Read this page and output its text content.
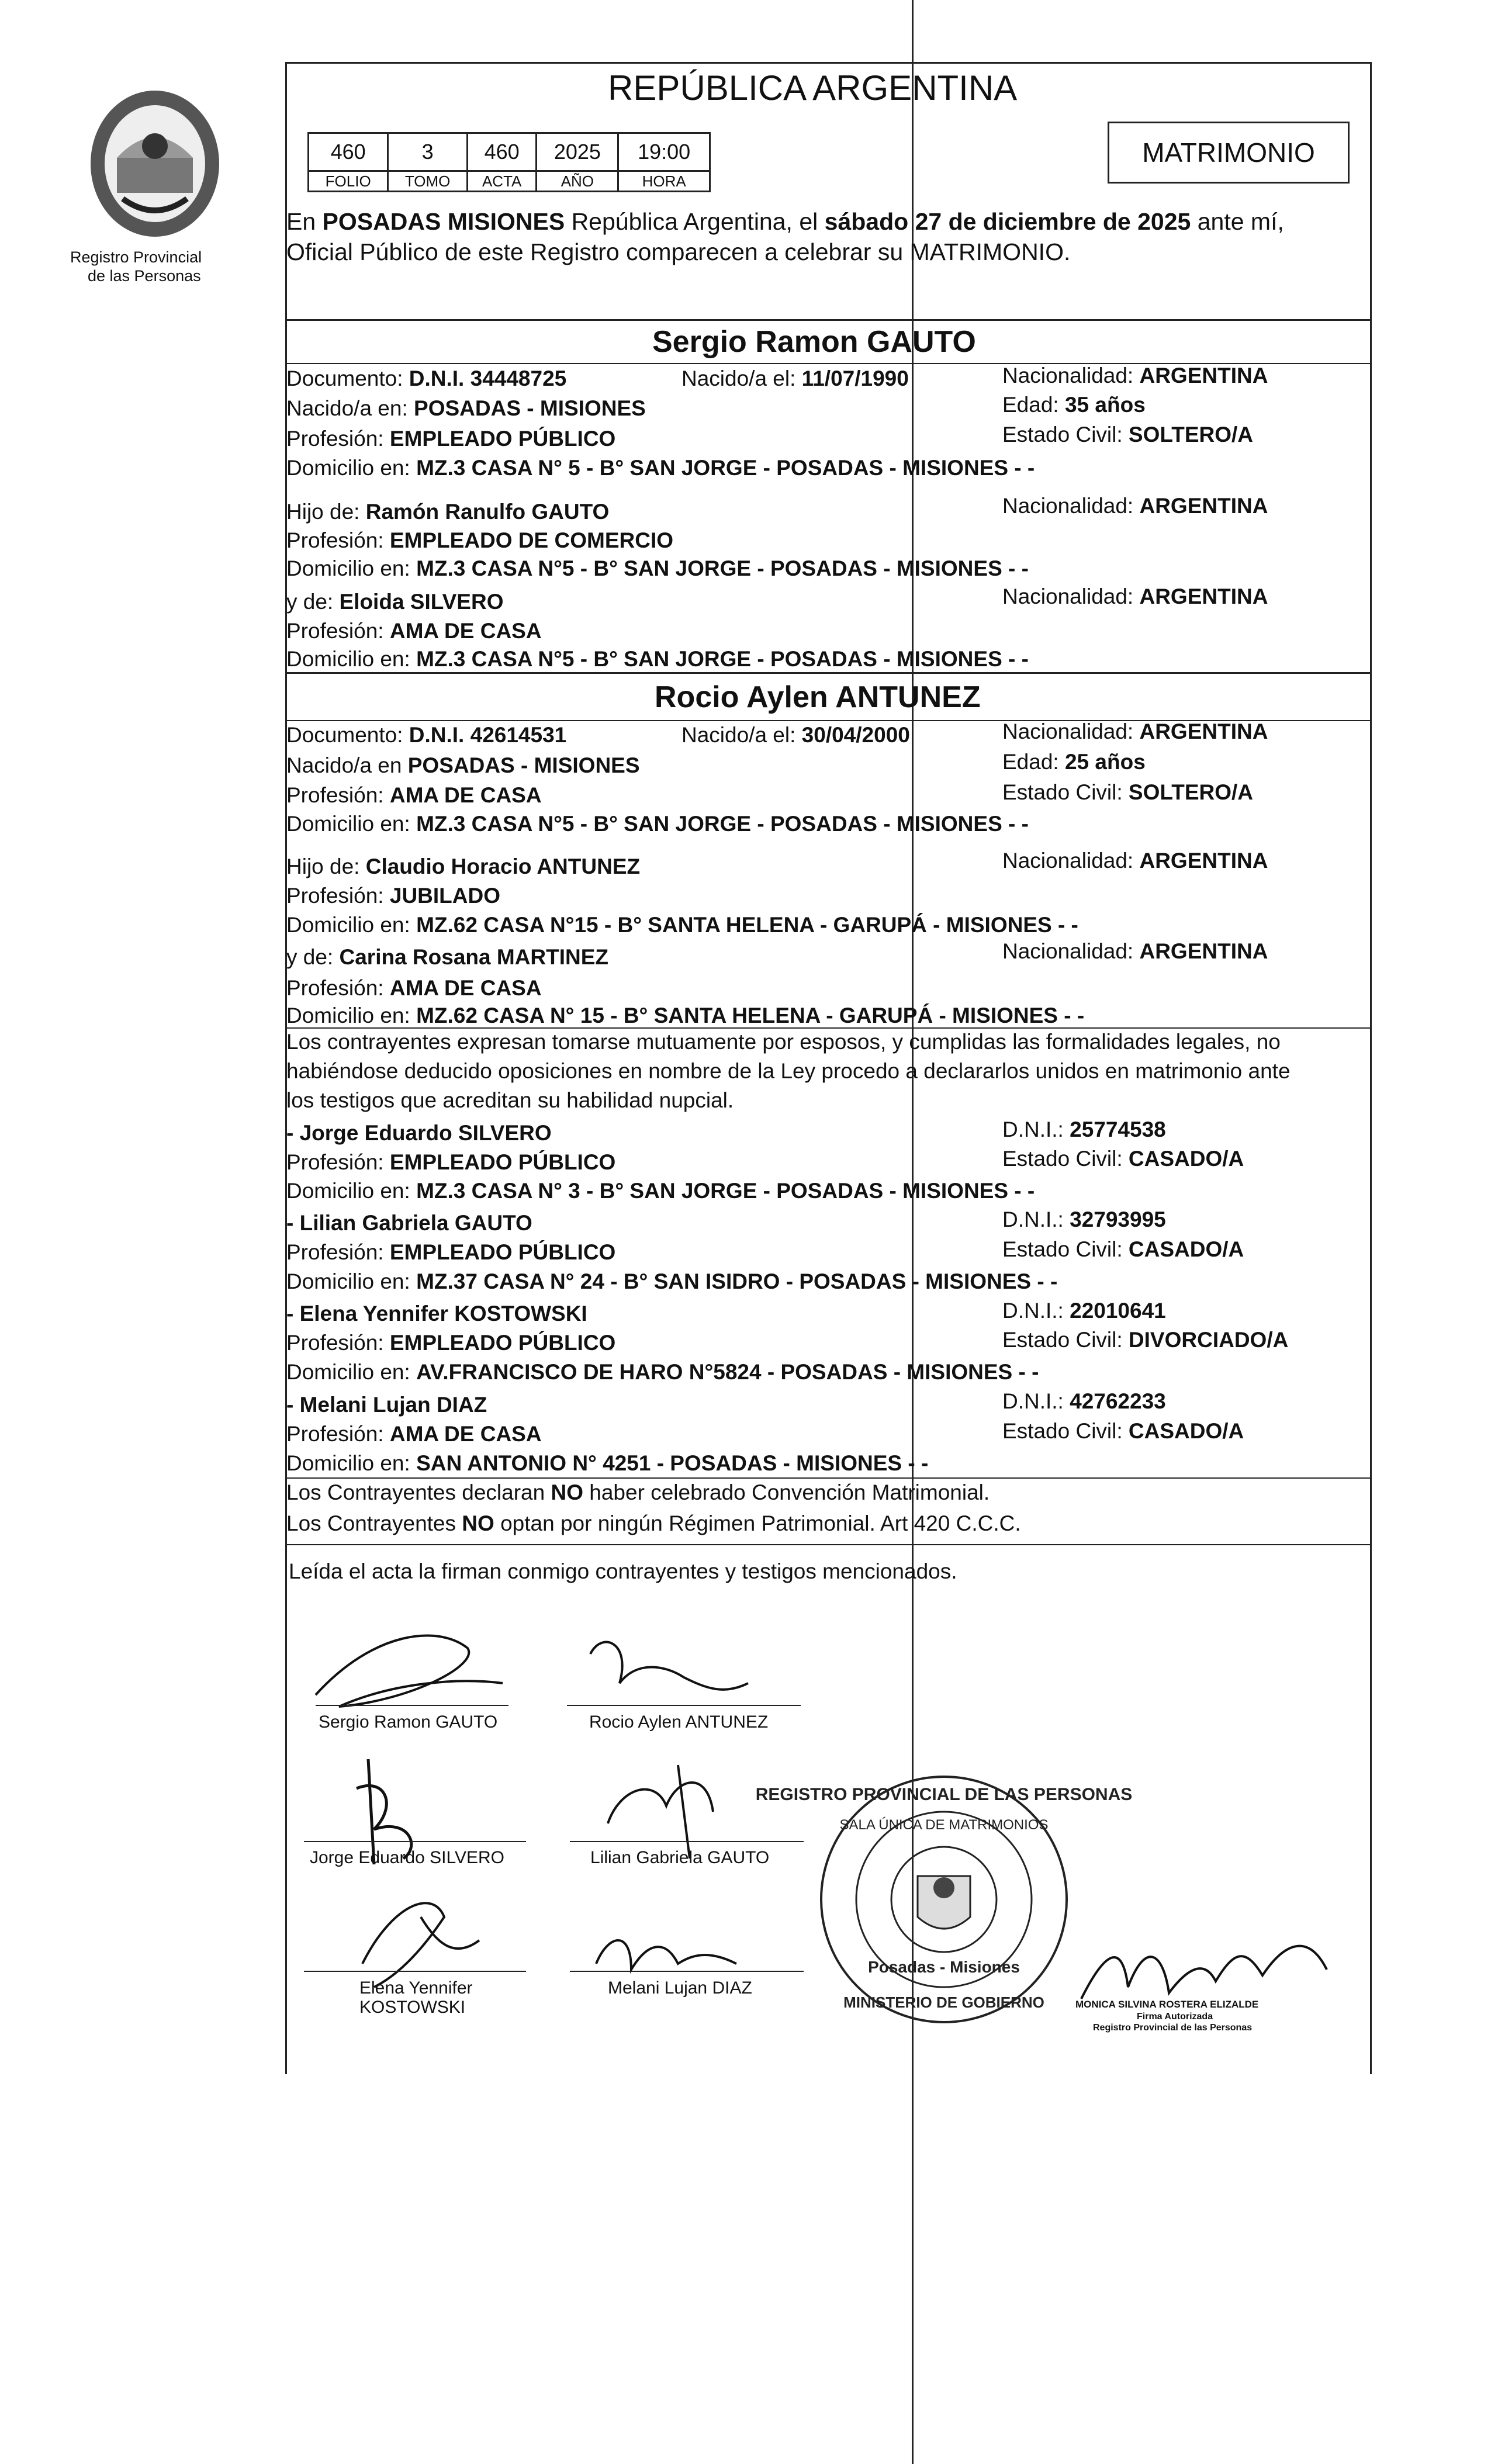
Registro Provincial
de las Personas
REPÚBLICA ARGENTINA
460	3	460	2025	19:00
FOLIO	TOMO	ACTA	AÑO	HORA
MATRIMONIO
En POSADAS MISIONES República Argentina, el sábado 27 de diciembre de 2025 ante mí,
Oficial Público de este Registro comparecen a celebrar su MATRIMONIO.
Sergio Ramon GAUTO
Documento: D.N.I. 34448725	Nacido/a el: 11/07/1990	Nacionalidad: ARGENTINA
Nacido/a en: POSADAS - MISIONES	Edad: 35 años
Profesión: EMPLEADO PÚBLICO	Estado Civil: SOLTERO/A
Domicilio en: MZ.3 CASA N° 5 - B° SAN JORGE - POSADAS - MISIONES - -
Hijo de: Ramón Ranulfo GAUTO	Nacionalidad: ARGENTINA
Profesión: EMPLEADO DE COMERCIO
Domicilio en: MZ.3 CASA N°5 - B° SAN JORGE - POSADAS - MISIONES - -
y de: Eloida SILVERO	Nacionalidad: ARGENTINA
Profesión: AMA DE CASA
Domicilio en: MZ.3 CASA N°5 - B° SAN JORGE - POSADAS - MISIONES - -
Rocio Aylen ANTUNEZ
Documento: D.N.I. 42614531	Nacido/a el: 30/04/2000	Nacionalidad: ARGENTINA
Nacido/a en POSADAS - MISIONES	Edad: 25 años
Profesión: AMA DE CASA	Estado Civil: SOLTERO/A
Domicilio en: MZ.3 CASA N°5 - B° SAN JORGE - POSADAS - MISIONES - -
Hijo de: Claudio Horacio ANTUNEZ	Nacionalidad: ARGENTINA
Profesión: JUBILADO
Domicilio en: MZ.62 CASA N°15 - B° SANTA HELENA - GARUPÁ - MISIONES - -
y de: Carina Rosana MARTINEZ	Nacionalidad: ARGENTINA
Profesión: AMA DE CASA
Domicilio en: MZ.62 CASA N° 15 - B° SANTA HELENA - GARUPÁ - MISIONES - -
Los contrayentes expresan tomarse mutuamente por esposos, y cumplidas las formalidades legales, no
habiéndose deducido oposiciones en nombre de la Ley procedo a declararlos unidos en matrimonio ante
los testigos que acreditan su habilidad nupcial.
- Jorge Eduardo SILVERO	D.N.I.: 25774538
Profesión: EMPLEADO PÚBLICO	Estado Civil: CASADO/A
Domicilio en: MZ.3 CASA N° 3 - B° SAN JORGE - POSADAS - MISIONES - -
- Lilian Gabriela GAUTO	D.N.I.: 32793995
Profesión: EMPLEADO PÚBLICO	Estado Civil: CASADO/A
Domicilio en: MZ.37 CASA N° 24 - B° SAN ISIDRO - POSADAS - MISIONES - -
- Elena Yennifer KOSTOWSKI	D.N.I.: 22010641
Profesión: EMPLEADO PÚBLICO	Estado Civil: DIVORCIADO/A
Domicilio en: AV.FRANCISCO DE HARO N°5824 - POSADAS - MISIONES - -
- Melani Lujan DIAZ	D.N.I.: 42762233
Profesión: AMA DE CASA	Estado Civil: CASADO/A
Domicilio en: SAN ANTONIO N° 4251 - POSADAS - MISIONES - -
Los Contrayentes declaran NO haber celebrado Convención Matrimonial.
Los Contrayentes NO optan por ningún Régimen Patrimonial. Art 420 C.C.C.
Leída el acta la firman conmigo contrayentes y testigos mencionados.
Sergio Ramon GAUTO	Rocio Aylen ANTUNEZ
Jorge Eduardo SILVERO	Lilian Gabriela GAUTO
Elena Yennifer
KOSTOWSKI
Melani Lujan DIAZ
REGISTRO PROVINCIAL DE LAS PERSONAS
SALA ÚNICA DE MATRIMONIOS
Posadas - Misiones
MINISTERIO DE GOBIERNO	MONICA SILVINA ROSTERA ELIZALDE
Firma Autorizada
Registro Provincial de las Personas
